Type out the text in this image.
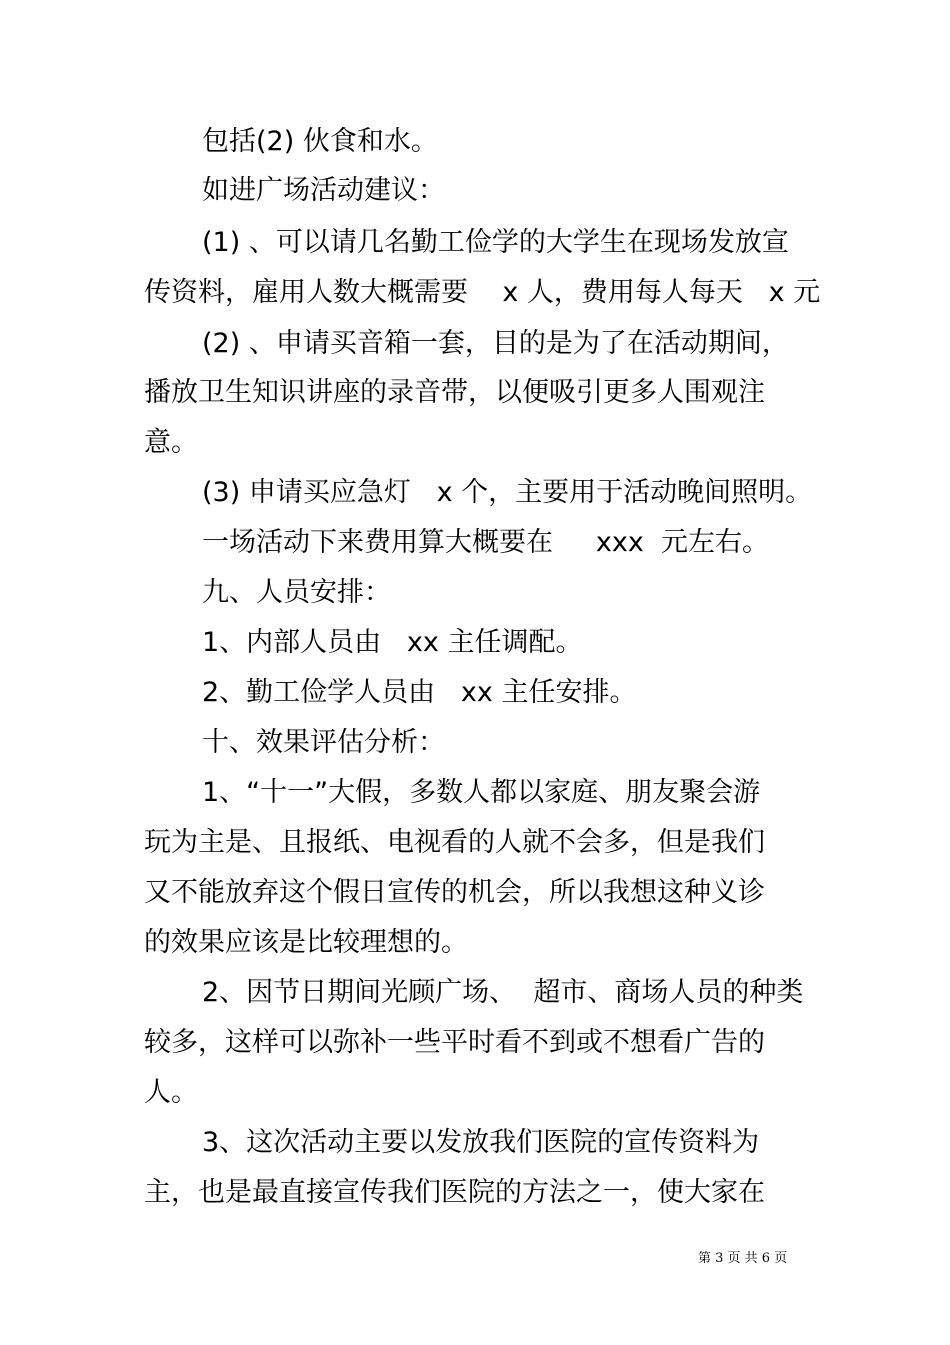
包括(2) 伙食和水。
如进广场活动建议：
(1) 、可以请几名勤工俭学的大学生在现场发放宣
传资料，雇用人数大概需要    x 人，费用每人每天   x 元
(2) 、申请买音箱一套，目的是为了在活动期间，
播放卫生知识讲座的录音带，以便吸引更多人围观注
意。
(3) 申请买应急灯   x 个，主要用于活动晚间照明。
一场活动下来费用算大概要在     xxx  元左右。
九、人员安排：
1、内部人员由   xx 主任调配。
2、勤工俭学人员由   xx 主任安排。
十、效果评估分析：
1、“十一”大假，多数人都以家庭、朋友聚会游
玩为主是、且报纸、电视看的人就不会多，但是我们
又不能放弃这个假日宣传的机会，所以我想这种义诊
的效果应该是比较理想的。
2、因节日期间光顾广场、  超市、商场人员的种类
较多，这样可以弥补一些平时看不到或不想看广告的
人。
3、这次活动主要以发放我们医院的宣传资料为
主，也是最直接宣传我们医院的方法之一，使大家在
第 3 页 共 6 页
